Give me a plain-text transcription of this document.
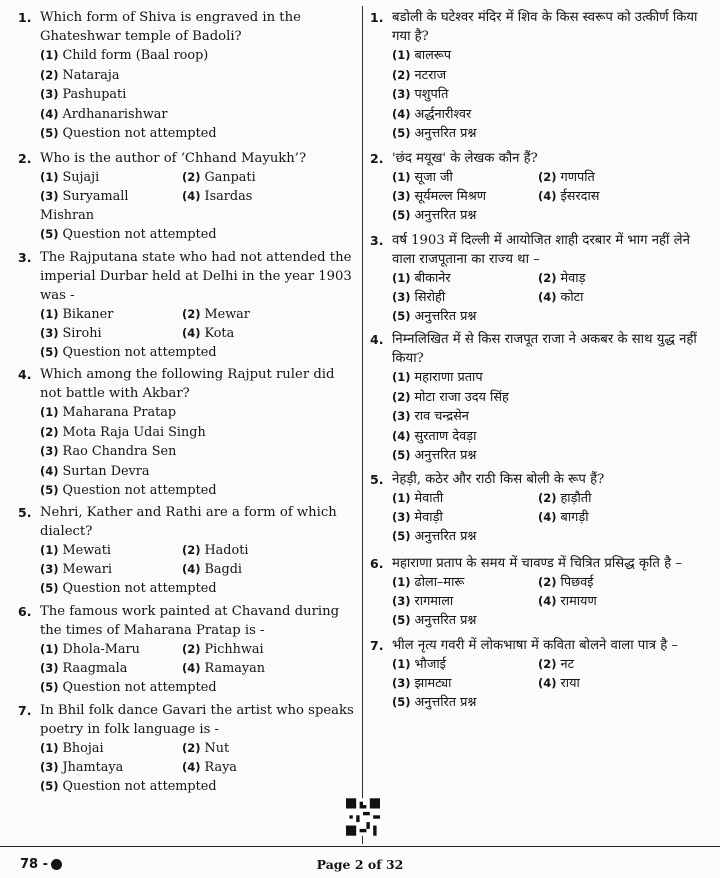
1. Which form of Shiva is engraved in the Ghateshwar temple of Badoli?
(1) Child form (Baal roop)
(2) Nataraja
(3) Pashupati
(4) Ardhanarishwar
(5) Question not attempted
2. Who is the author of ‘Chhand Mayukh’?
(1) Sujaji	(2) Ganpati
(3) Suryamall Mishran
(4) Isardas
(5) Question not attempted
3. The Rajputana state who had not attended the imperial Durbar held at Delhi in the year 1903 was -
(1) Bikaner	(2) Mewar
(3) Sirohi	(4) Kota
(5) Question not attempted
4. Which among the following Rajput ruler did not battle with Akbar?
(1) Maharana Pratap
(2) Mota Raja Udai Singh
(3) Rao Chandra Sen
(4) Surtan Devra
(5) Question not attempted
5. Nehri, Kather and Rathi are a form of which dialect?
(1) Mewati	(2) Hadoti
(3) Mewari	(4) Bagdi
(5) Question not attempted
6. The famous work painted at Chavand during the times of Maharana Pratap is -
(1) Dhola-Maru	(2) Pichhwai
(3) Raagmala	(4) Ramayan
(5) Question not attempted
7. In Bhil folk dance Gavari the artist who speaks poetry in folk language is -
(1) Bhojai	(2) Nut
(3) Jhamtaya	(4) Raya
(5) Question not attempted
1. बडोली के घटेश्वर मंदिर में शिव के किस स्वरूप को उत्कीर्ण किया गया है?
(1) बालरूप
(2) नटराज
(3) पशुपति
(4) अर्द्धनारीश्वर
(5) अनुत्तरित प्रश्न
2. 'छंद मयूख' के लेखक कौन हैं?
(1) सूजा जी	(2) गणपति
(3) सूर्यमल्ल मिश्रण	(4) ईसरदास
(5) अनुत्तरित प्रश्न
3. वर्ष 1903 में दिल्ली में आयोजित शाही दरबार में भाग नहीं लेने वाला राजपूताना का राज्य था –
(1) बीकानेर	(2) मेवाड़
(3) सिरोही	(4) कोटा
(5) अनुत्तरित प्रश्न
4. निम्नलिखित में से किस राजपूत राजा ने अकबर के साथ युद्ध नहीं किया?
(1) महाराणा प्रताप
(2) मोटा राजा उदय सिंह
(3) राव चन्द्रसेन
(4) सुरताण देवड़ा
(5) अनुत्तरित प्रश्न
5. नेहड़ी, कठेर और राठी किस बोली के रूप हैं?
(1) मेवाती	(2) हाड़ौती
(3) मेवाड़ी	(4) बागड़ी
(5) अनुत्तरित प्रश्न
6. महाराणा प्रताप के समय में चावण्ड में चित्रित प्रसिद्ध कृति है –
(1) ढोला–मारू	(2) पिछवई
(3) रागमाला	(4) रामायण
(5) अनुत्तरित प्रश्न
7. भील नृत्य गवरी में लोकभाषा में कविता बोलने वाला पात्र है –
(1) भौजाई	(2) नट
(3) झामट्या	(4) राया
(5) अनुत्तरित प्रश्न
78 -	Page 2 of 32
